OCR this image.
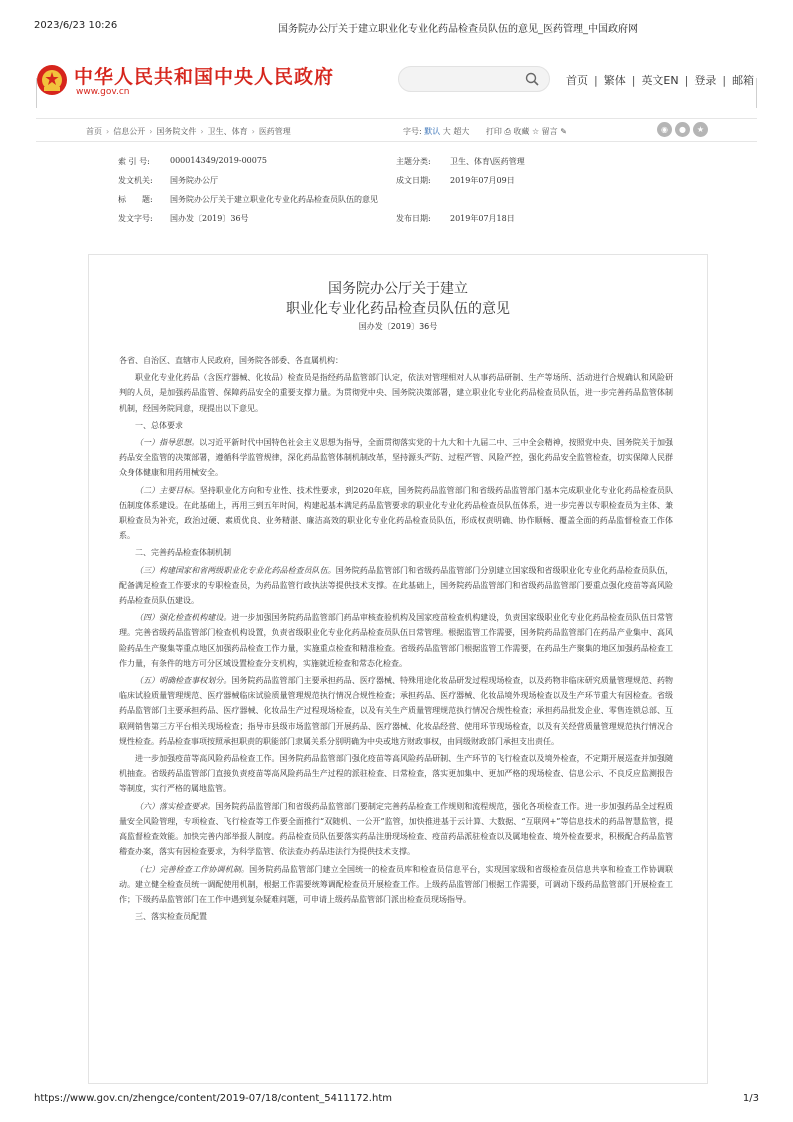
2023/6/23 10:26	国务院办公厅关于建立职业化专业化药品检查员队伍的意见_医药管理_中国政府网
中华人民共和国中央人民政府
www.gov.cn
首页 | 繁体 | 英文EN | 登录 | 邮箱
首页 › 信息公开 › 国务院文件 › 卫生、体育 › 医药管理	字号: 默认 大 超大 打印 ⎙ 收藏 ☆ 留言 ✎	◉ ● ★
索 引 号:	000014349/2019-00075	主题分类: 卫生、体育\医药管理
发文机关: 国务院办公厅	成文日期: 2019年07月09日
标　　题: 国务院办公厅关于建立职业化专业化药品检查员队伍的意见
发文字号: 国办发〔2019〕36号	发布日期: 2019年07月18日
国务院办公厅关于建立
职业化专业化药品检查员队伍的意见
国办发〔2019〕36号

各省、自治区、直辖市人民政府，国务院各部委、各直属机构：

职业化专业化药品（含医疗器械、化妆品）检查员是指经药品监管部门认定，依法对管理相对人从事药品研制、生产等场所、活动进行合规确认和风险研判的人员，是加强药品监管、保障药品安全的重要支撑力量。为贯彻党中央、国务院决策部署，建立职业化专业化药品检查员队伍，进一步完善药品监管体制机制，经国务院同意，现提出以下意见。

一、总体要求

（一）指导思想。以习近平新时代中国特色社会主义思想为指导，全面贯彻落实党的十九大和十九届二中、三中全会精神，按照党中央、国务院关于加强药品安全监管的决策部署，遵循科学监管规律，深化药品监管体制机制改革，坚持源头严防、过程严管、风险严控，强化药品安全监管检查，切实保障人民群众身体健康和用药用械安全。

（二）主要目标。坚持职业化方向和专业性、技术性要求，到2020年底，国务院药品监管部门和省级药品监管部门基本完成职业化专业化药品检查员队伍制度体系建设。在此基础上，再用三到五年时间，构建起基本满足药品监管要求的职业化专业化药品检查员队伍体系，进一步完善以专职检查员为主体、兼职检查员为补充，政治过硬、素质优良、业务精湛、廉洁高效的职业化专业化药品检查员队伍，形成权责明确、协作顺畅、覆盖全面的药品监督检查工作体系。

二、完善药品检查体制机制

（三）构建国家和省两级职业化专业化药品检查员队伍。国务院药品监管部门和省级药品监管部门分别建立国家级和省级职业化专业化药品检查员队伍，配备满足检查工作要求的专职检查员，为药品监管行政执法等提供技术支撑。在此基础上，国务院药品监管部门和省级药品监管部门要重点强化疫苗等高风险药品检查员队伍建设。

（四）强化检查机构建设。进一步加强国务院药品监管部门药品审核查验机构及国家疫苗检查机构建设，负责国家级职业化专业化药品检查员队伍日常管理。完善省级药品监管部门检查机构设置，负责省级职业化专业化药品检查员队伍日常管理。根据监管工作需要，国务院药品监管部门在药品产业集中、高风险药品生产聚集等重点地区加强药品检查工作力量，实施重点检查和精准检查。省级药品监管部门根据监管工作需要，在药品生产聚集的地区加强药品检查工作力量，有条件的地方可分区域设置检查分支机构，实施就近检查和常态化检查。

（五）明确检查事权划分。国务院药品监管部门主要承担药品、医疗器械、特殊用途化妆品研发过程现场检查，以及药物非临床研究质量管理规范、药物临床试验质量管理规范、医疗器械临床试验质量管理规范执行情况合规性检查；承担药品、医疗器械、化妆品境外现场检查以及生产环节重大有因检查。省级药品监管部门主要承担药品、医疗器械、化妆品生产过程现场检查，以及有关生产质量管理规范执行情况合规性检查；承担药品批发企业、零售连锁总部、互联网销售第三方平台相关现场检查；指导市县级市场监管部门开展药品、医疗器械、化妆品经营、使用环节现场检查，以及有关经营质量管理规范执行情况合规性检查。药品检查事项按照承担职责的职能部门隶属关系分别明确为中央或地方财政事权，由同级财政部门承担支出责任。

进一步加强疫苗等高风险药品检查工作。国务院药品监管部门强化疫苗等高风险药品研制、生产环节的飞行检查以及境外检查，不定期开展巡查并加强随机抽查。省级药品监管部门直接负责疫苗等高风险药品生产过程的派驻检查、日常检查，落实更加集中、更加严格的现场检查、信息公示、不良反应监测报告等制度，实行严格的属地监管。

（六）落实检查要求。国务院药品监管部门和省级药品监管部门要制定完善药品检查工作规则和流程规范，强化各项检查工作。进一步加强药品全过程质量安全风险管理，专项检查、飞行检查等工作要全面推行“双随机、一公开”监管，加快推进基于云计算、大数据、“互联网+”等信息技术的药品智慧监管，提高监督检查效能。加快完善内部举报人制度。药品检查员队伍要落实药品注册现场检查、疫苗药品派驻检查以及属地检查、境外检查要求，积极配合药品监管稽查办案，落实有因检查要求，为科学监管、依法查办药品违法行为提供技术支撑。

（七）完善检查工作协调机制。国务院药品监管部门建立全国统一的检查员库和检查员信息平台，实现国家级和省级检查员信息共享和检查工作协调联动。建立健全检查员统一调配使用机制，根据工作需要统筹调配检查员开展检查工作。上级药品监管部门根据工作需要，可调动下级药品监管部门开展检查工作；下级药品监管部门在工作中遇到复杂疑难问题，可申请上级药品监管部门派出检查员现场指导。

三、落实检查员配置

https://www.gov.cn/zhengce/content/2019-07/18/content_5411172.htm	1/3
